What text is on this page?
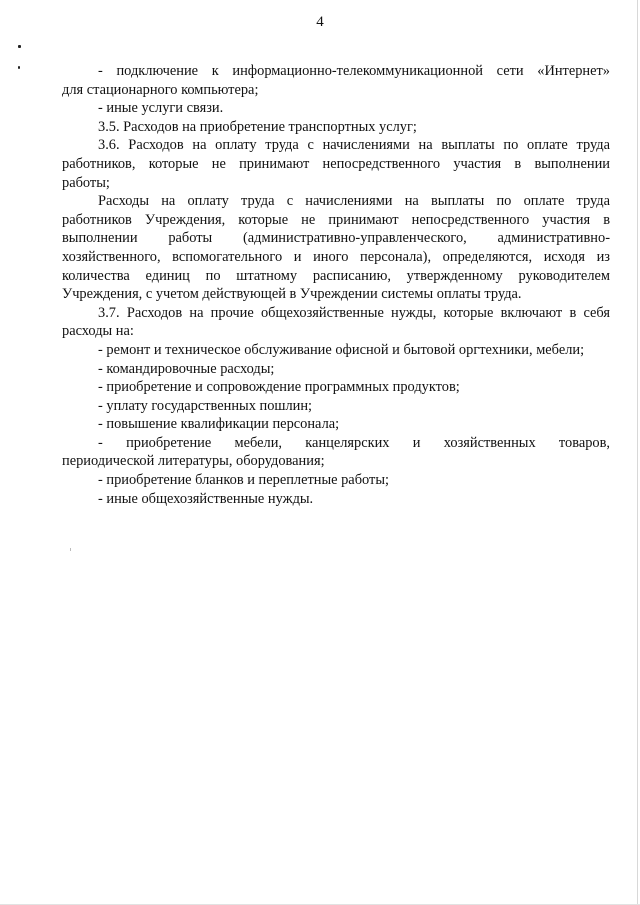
4
- подключение к информационно-телекоммуникационной сети «Интернет»
для стационарного компьютера;
- иные услуги связи.
3.5. Расходов на приобретение транспортных услуг;
3.6. Расходов на оплату труда с начислениями на выплаты по оплате труда
работников, которые не принимают непосредственного участия в выполнении
работы;
Расходы на оплату труда с начислениями на выплаты по оплате труда
работников Учреждения, которые не принимают непосредственного участия в
выполнении работы (административно-управленческого, административно-
хозяйственного, вспомогательного и иного персонала), определяются, исходя из
количества единиц по штатному расписанию, утвержденному руководителем
Учреждения, с учетом действующей в Учреждении системы оплаты труда.
3.7. Расходов на прочие общехозяйственные нужды, которые включают в себя
расходы на:
- ремонт и техническое обслуживание офисной и бытовой оргтехники, мебели;
- командировочные расходы;
- приобретение и сопровождение программных продуктов;
- уплату государственных пошлин;
- повышение квалификации персонала;
- приобретение мебели, канцелярских и хозяйственных товаров,
периодической литературы, оборудования;
- приобретение бланков и переплетные работы;
- иные общехозяйственные нужды.
